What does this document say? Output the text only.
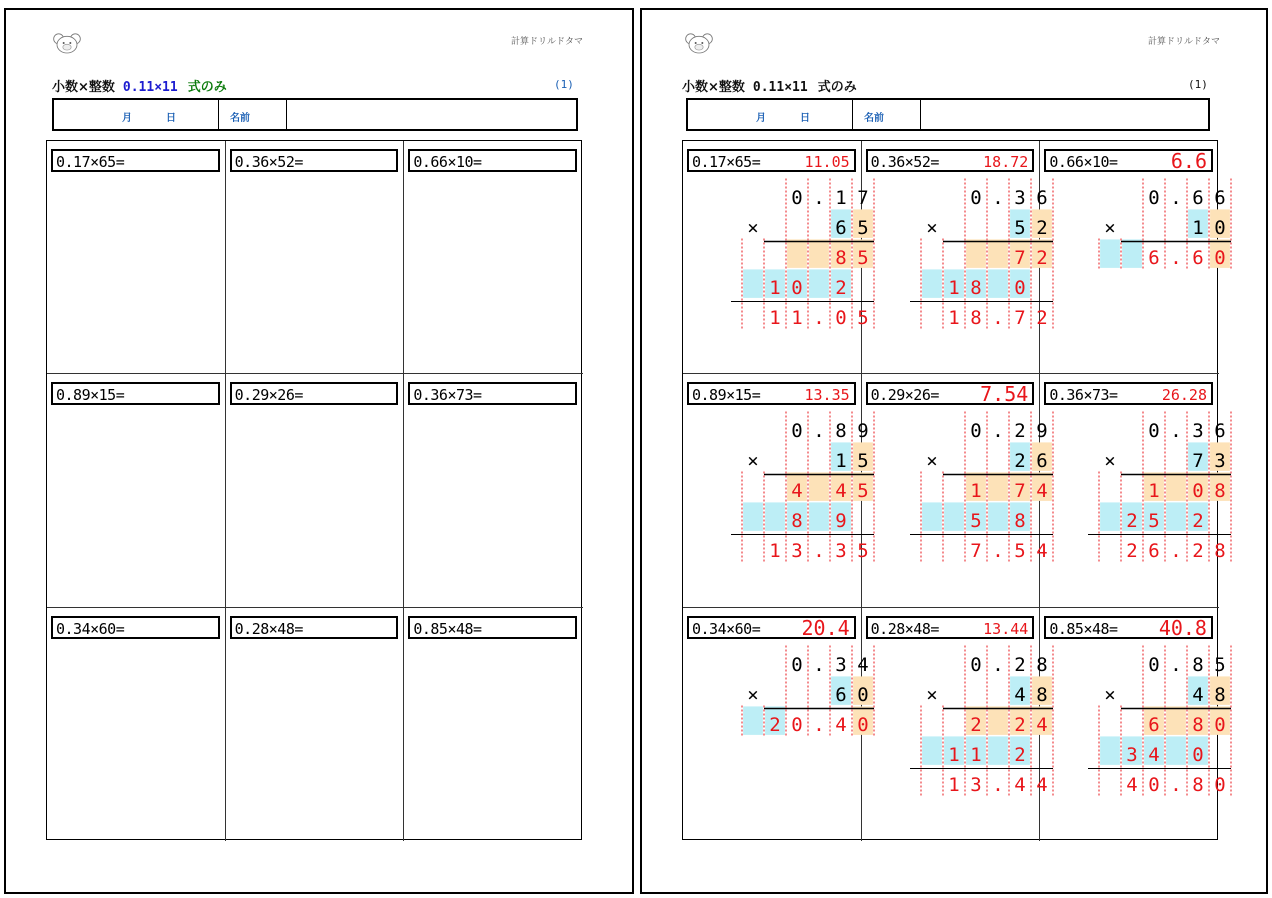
計算ドリルドタマ
小数×整数 0.11×11 式のみ	(1)
月	日	名前
0.17×65=	0.36×52=	0.66×10=
0.89×15=	0.29×26=	0.36×73=
0.34×60=	0.28×48=	0.85×48=
計算ドリルドタマ
小数×整数 0.11×11 式のみ	(1)
月	日	名前
0.17×65=	11.05
0 . 1 7
×	6 5
8 5
1 0 2
1 1 . 0 5
0.36×52=	18.72
0 . 3 6
×	5 2
7 2
1 8 0
1 8 . 7 2
0.66×10=	6.6
0 . 6 6
×	1 0
6 . 6 0
0.89×15=	13.35
0 . 8 9
×	1 5
4 4 5
8 9
1 3 . 3 5
0.29×26= 7.54
0 . 2 9
×	2 6
1 7 4
5 8
7 . 5 4
0.36×73=	26.28
0 . 3 6
×	7 3
1 0 8
2 5 2
2 6 . 2 8
0.34×60= 20.4
0 . 3 4
×	6 0
2 0 . 4 0
0.28×48=	13.44
0 . 2 8
×	4 8
2 2 4
1 1 2
1 3 . 4 4
0.85×48= 40.8
0 . 8 5
×	4 8
6 8 0
3 4 0
4 0 . 8 0
